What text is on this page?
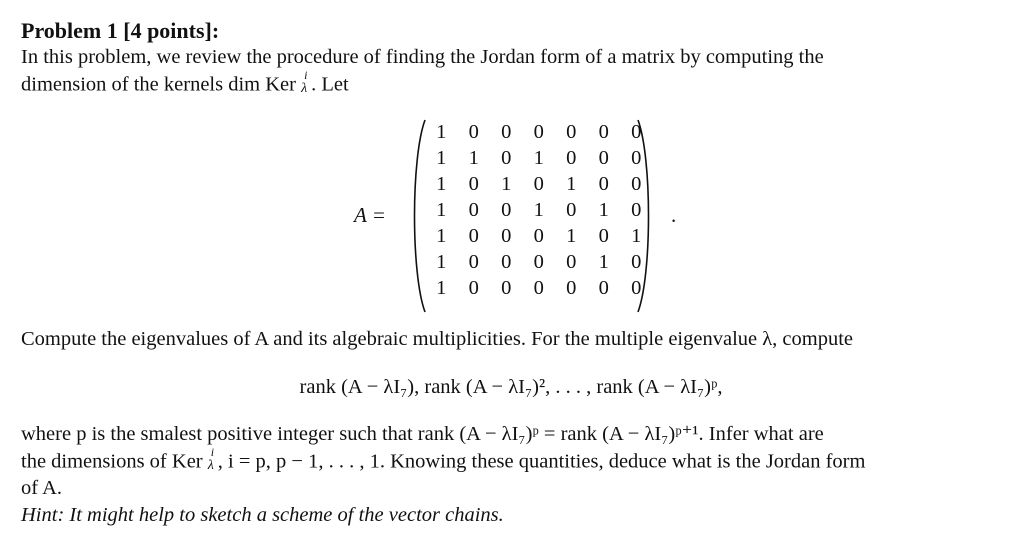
Problem 1 [4 points]:

In this problem, we review the procedure of finding the Jordan form of a matrix by computing the

dimension of the kernels dim Ker i
λ . Let

A =
1	0	0	0	0	0	0
1	1	0	1	0	0	0
1	0	1	0	1	0	0
1	0	0	1	0	1	0
1	0	0	0	1	0	1
1	0	0	0	0	1	0
1	0	0	0	0	0	0
.

Compute the eigenvalues of A and its algebraic multiplicities. For the multiple eigenvalue λ, compute

rank (A − λI₇), rank (A − λI₇)², . . . , rank (A − λI₇)ᵖ,

where p is the smalest positive integer such that rank (A − λI₇)ᵖ = rank (A − λI₇)ᵖ⁺¹. Infer what are

the dimensions of Ker i
λ , i = p, p − 1, . . . , 1. Knowing these quantities, deduce what is the Jordan form

of A.

Hint: It might help to sketch a scheme of the vector chains.
